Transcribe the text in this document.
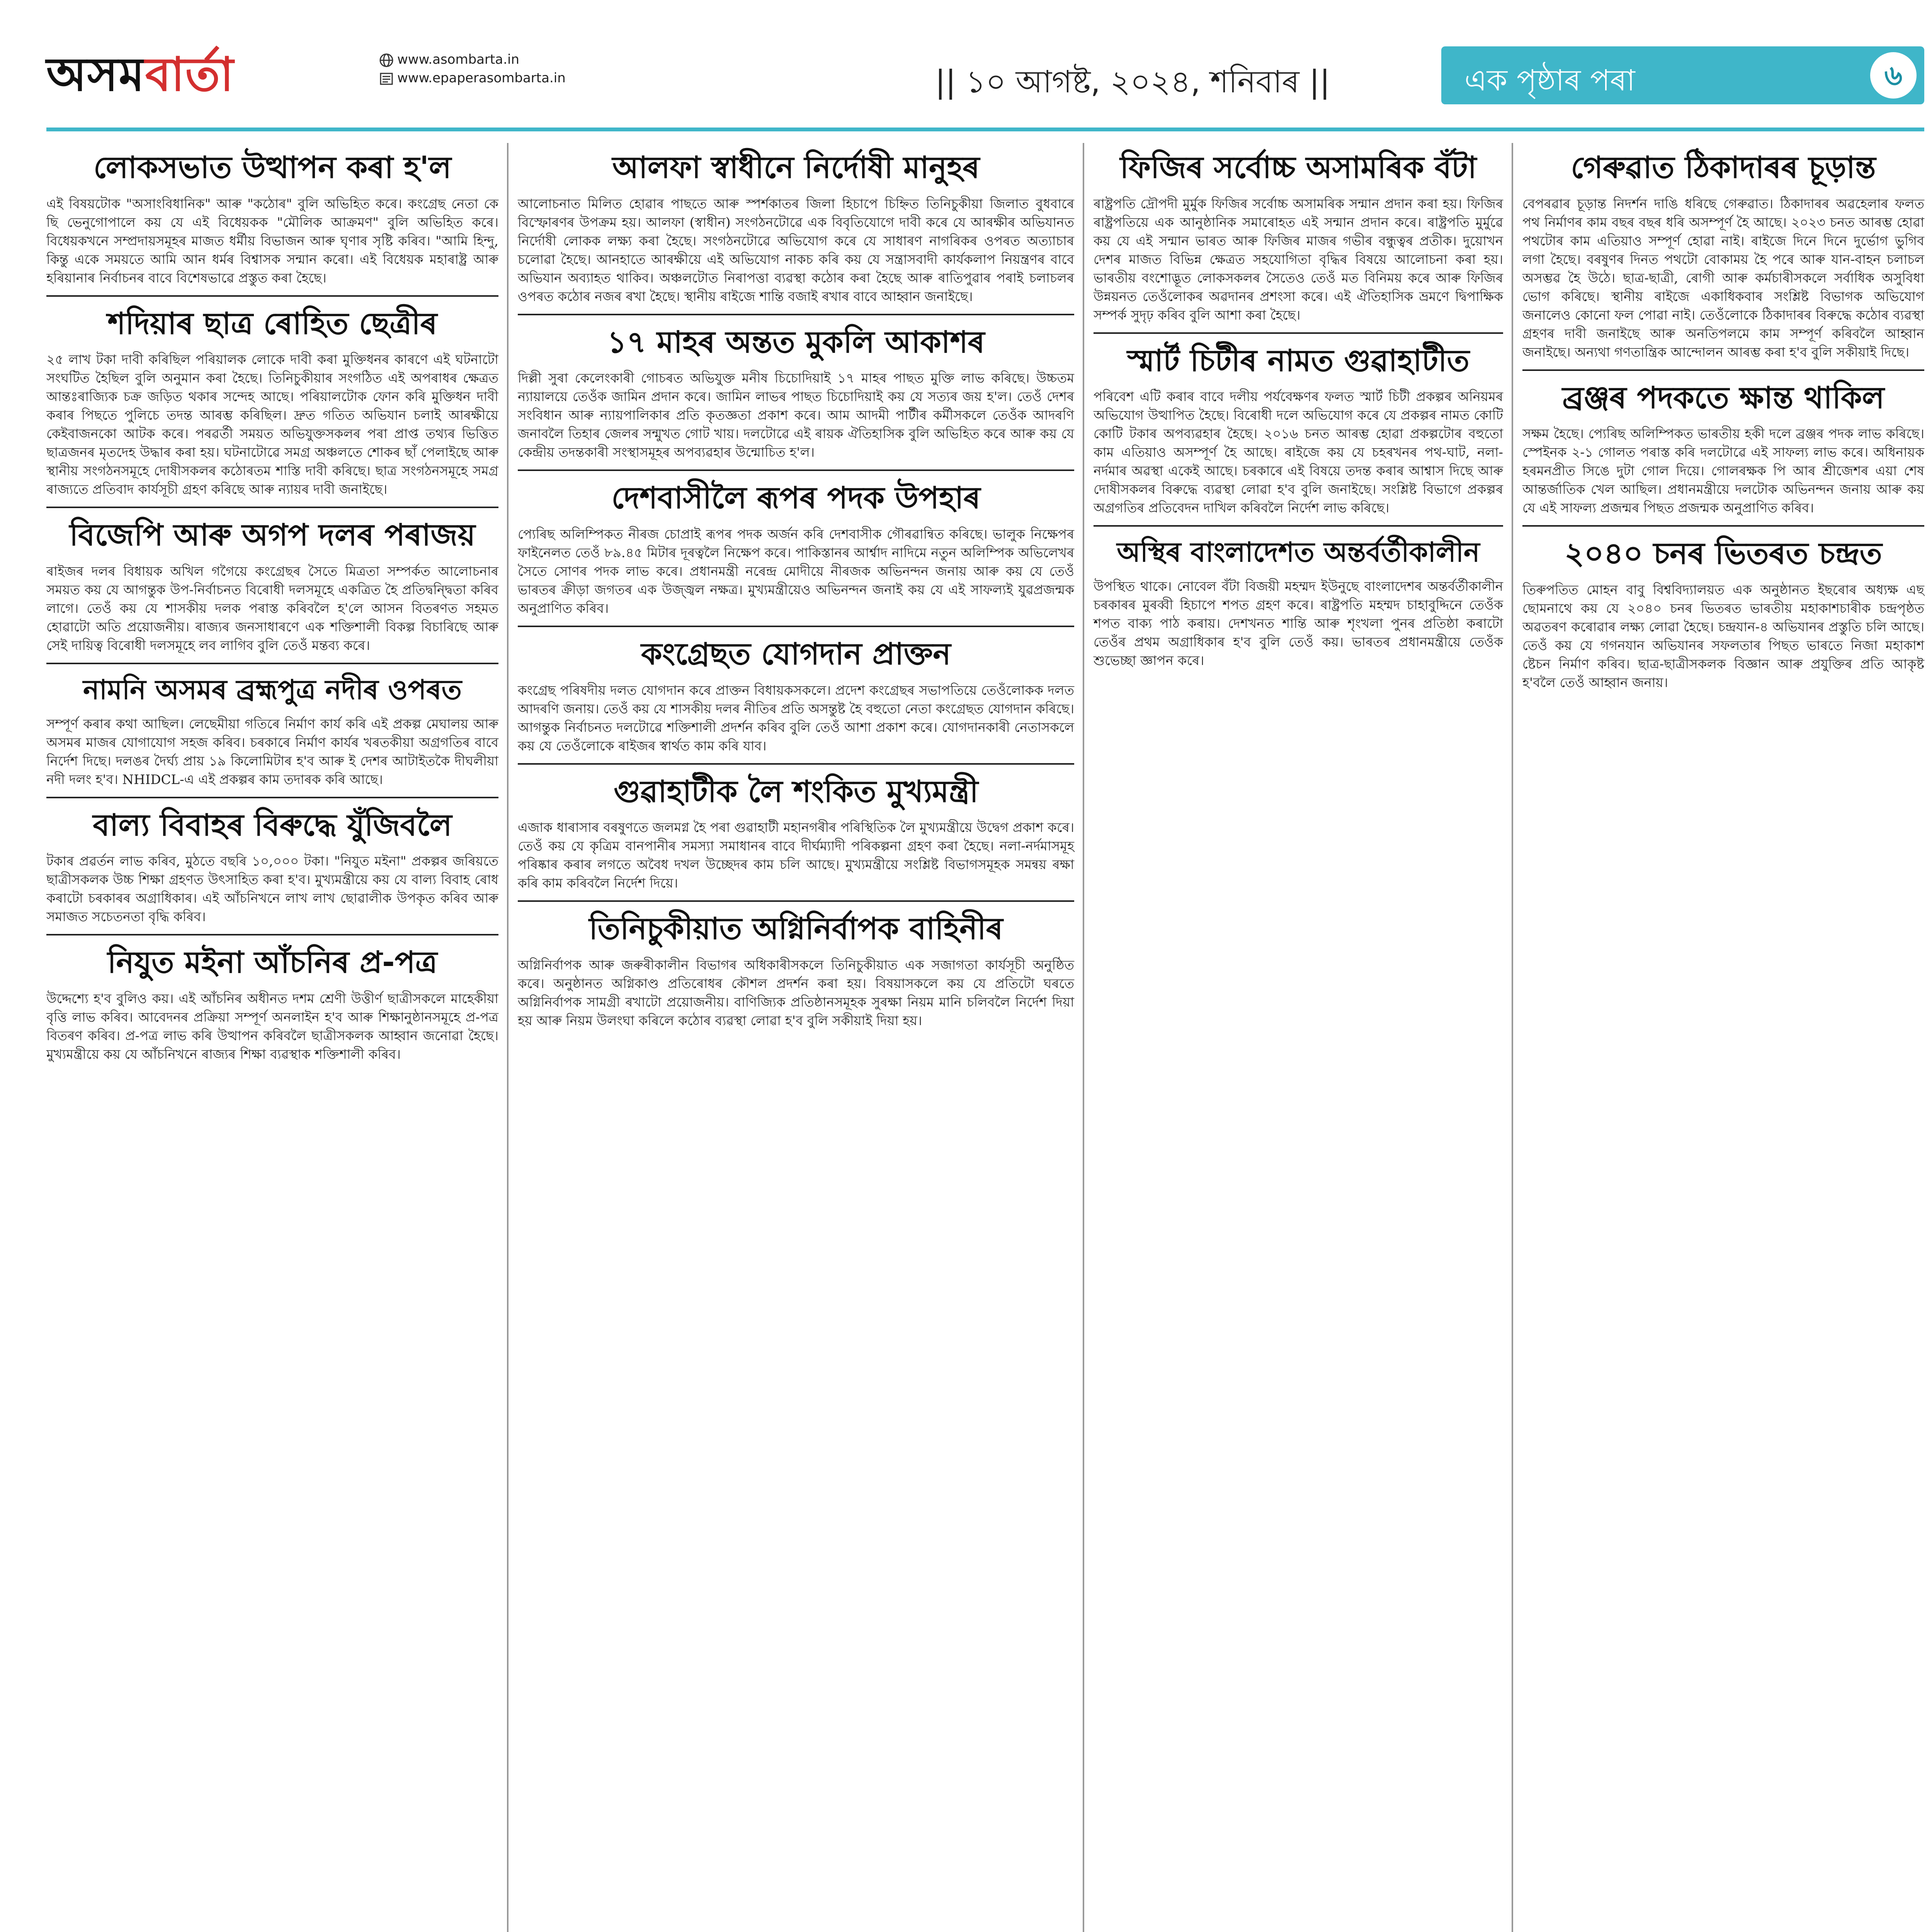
অসমবার্তা	www.asombarta.in
www.epaperasombarta.in	|| ১০ আগষ্ট, ২০২৪, শনিবাৰ ||	এক পৃষ্ঠাৰ পৰা	৬
লোকসভাত উত্থাপন কৰা হ'ল
এই বিষয়টোক "অসাংবিধানিক" আৰু "কঠোৰ" বুলি অভিহিত কৰে। কংগ্ৰেছ নেতা কে ছি ভেনুগোপালে কয় যে এই বিধেয়কক "মৌলিক আক্ৰমণ" বুলি অভিহিত কৰে। বিধেয়কখনে সম্প্ৰদায়সমূহৰ মাজত ধৰ্মীয় বিভাজন আৰু ঘৃণাৰ সৃষ্টি কৰিব। "আমি হিন্দু, কিন্তু একে সময়তে আমি আন ধৰ্মৰ বিশ্বাসক সন্মান কৰো। এই বিধেয়ক মহাৰাষ্ট্ৰ আৰু হৰিয়ানাৰ নিৰ্বাচনৰ বাবে বিশেষভাৱে প্ৰস্তুত কৰা হৈছে।
শদিয়াৰ ছাত্ৰ ৰোহিত ছেত্ৰীৰ
২৫ লাখ টকা দাবী কৰিছিল পৰিয়ালক লোকে দাবী কৰা মুক্তিধনৰ কাৰণে এই ঘটনাটো সংঘটিত হৈছিল বুলি অনুমান কৰা হৈছে। তিনিচুকীয়াৰ সংগঠিত এই অপৰাধৰ ক্ষেত্ৰত আন্তঃৰাজ্যিক চক্ৰ জড়িত থকাৰ সন্দেহ আছে। পৰিয়ালটোক ফোন কৰি মুক্তিধন দাবী কৰাৰ পিছতে পুলিচে তদন্ত আৰম্ভ কৰিছিল। দ্ৰুত গতিত অভিযান চলাই আৰক্ষীয়ে কেইবাজনকো আটক কৰে। পৰৱৰ্তী সময়ত অভিযুক্তসকলৰ পৰা প্ৰাপ্ত তথ্যৰ ভিত্তিত ছাত্ৰজনৰ মৃতদেহ উদ্ধাৰ কৰা হয়। ঘটনাটোৱে সমগ্ৰ অঞ্চলতে শোকৰ ছাঁ পেলাইছে আৰু স্থানীয় সংগঠনসমূহে দোষীসকলৰ কঠোৰতম শাস্তি দাবী কৰিছে। ছাত্ৰ সংগঠনসমূহে সমগ্ৰ ৰাজ্যতে প্ৰতিবাদ কাৰ্যসূচী গ্ৰহণ কৰিছে আৰু ন্যায়ৰ দাবী জনাইছে।
বিজেপি আৰু অগপ দলৰ পৰাজয়
ৰাইজৰ দলৰ বিধায়ক অখিল গগৈয়ে কংগ্ৰেছৰ সৈতে মিত্ৰতা সম্পৰ্কত আলোচনাৰ সময়ত কয় যে আগন্তুক উপ-নিৰ্বাচনত বিৰোধী দলসমূহে একত্ৰিত হৈ প্ৰতিদ্বন্দ্বিতা কৰিব লাগে। তেওঁ কয় যে শাসকীয় দলক পৰাস্ত কৰিবলৈ হ'লে আসন বিতৰণত সহমত হোৱাটো অতি প্ৰয়োজনীয়। ৰাজ্যৰ জনসাধাৰণে এক শক্তিশালী বিকল্প বিচাৰিছে আৰু সেই দায়িত্ব বিৰোধী দলসমূহে লব লাগিব বুলি তেওঁ মন্তব্য কৰে।
নামনি অসমৰ ব্ৰহ্মপুত্ৰ নদীৰ ওপৰত
সম্পূৰ্ণ কৰাৰ কথা আছিল। লেছেমীয়া গতিৰে নিৰ্মাণ কাৰ্য কৰি এই প্ৰকল্প মেঘালয় আৰু অসমৰ মাজৰ যোগাযোগ সহজ কৰিব। চৰকাৰে নিৰ্মাণ কাৰ্যৰ খৰতকীয়া অগ্ৰগতিৰ বাবে নিৰ্দেশ দিছে। দলঙৰ দৈৰ্ঘ্য প্ৰায় ১৯ কিলোমিটাৰ হ'ব আৰু ই দেশৰ আটাইতকৈ দীঘলীয়া নদী দলং হ'ব। NHIDCL-এ এই প্ৰকল্পৰ কাম তদাৰক কৰি আছে।
বাল্য বিবাহৰ বিৰুদ্ধে যুঁজিবলৈ
টকাৰ প্ৰৱৰ্তন লাভ কৰিব, মুঠতে বছৰি ১০,০০০ টকা। "নিযুত মইনা" প্ৰকল্পৰ জৰিয়তে ছাত্ৰীসকলক উচ্চ শিক্ষা গ্ৰহণত উৎসাহিত কৰা হ'ব। মুখ্যমন্ত্ৰীয়ে কয় যে বাল্য বিবাহ ৰোধ কৰাটো চৰকাৰৰ অগ্ৰাধিকাৰ। এই আঁচনিখনে লাখ লাখ ছোৱালীক উপকৃত কৰিব আৰু সমাজত সচেতনতা বৃদ্ধি কৰিব।
নিযুত মইনা আঁচনিৰ প্ৰ-পত্ৰ
উদ্দেশ্যে হ'ব বুলিও কয়। এই আঁচনিৰ অধীনত দশম শ্ৰেণী উত্তীৰ্ণ ছাত্ৰীসকলে মাহেকীয়া বৃত্তি লাভ কৰিব। আবেদনৰ প্ৰক্ৰিয়া সম্পূৰ্ণ অনলাইন হ'ব আৰু শিক্ষানুষ্ঠানসমূহে প্ৰ-পত্ৰ বিতৰণ কৰিব। প্ৰ-পত্ৰ লাভ কৰি উত্থাপন কৰিবলৈ ছাত্ৰীসকলক আহ্বান জনোৱা হৈছে। মুখ্যমন্ত্ৰীয়ে কয় যে আঁচনিখনে ৰাজ্যৰ শিক্ষা ব্যৱস্থাক শক্তিশালী কৰিব।
আলফা স্বাধীনে নিৰ্দোষী মানুহৰ
আলোচনাত মিলিত হোৱাৰ পাছতে আৰু স্পৰ্শকাতৰ জিলা হিচাপে চিহ্নিত তিনিচুকীয়া জিলাত বুধবাৰে বিস্ফোৰণৰ উপক্ৰম হয়। আলফা (স্বাধীন) সংগঠনটোৱে এক বিবৃতিযোগে দাবী কৰে যে আৰক্ষীৰ অভিযানত নিৰ্দোষী লোকক লক্ষ্য কৰা হৈছে। সংগঠনটোৱে অভিযোগ কৰে যে সাধাৰণ নাগৰিকৰ ওপৰত অত্যাচাৰ চলোৱা হৈছে। আনহাতে আৰক্ষীয়ে এই অভিযোগ নাকচ কৰি কয় যে সন্ত্ৰাসবাদী কাৰ্যকলাপ নিয়ন্ত্ৰণৰ বাবে অভিযান অব্যাহত থাকিব। অঞ্চলটোত নিৰাপত্তা ব্যৱস্থা কঠোৰ কৰা হৈছে আৰু ৰাতিপুৱাৰ পৰাই চলাচলৰ ওপৰত কঠোৰ নজৰ ৰখা হৈছে। স্থানীয় ৰাইজে শান্তি বজাই ৰখাৰ বাবে আহ্বান জনাইছে।
১৭ মাহৰ অন্তত মুকলি আকাশৰ
দিল্লী সুৰা কেলেংকাৰী গোচৰত অভিযুক্ত মনীষ চিচোদিয়াই ১৭ মাহৰ পাছত মুক্তি লাভ কৰিছে। উচ্চতম ন্যায়ালয়ে তেওঁক জামিন প্ৰদান কৰে। জামিন লাভৰ পাছত চিচোদিয়াই কয় যে সত্যৰ জয় হ'ল। তেওঁ দেশৰ সংবিধান আৰু ন্যায়পালিকাৰ প্ৰতি কৃতজ্ঞতা প্ৰকাশ কৰে। আম আদমী পাৰ্টীৰ কৰ্মীসকলে তেওঁক আদৰণি জনাবলৈ তিহাৰ জেলৰ সন্মুখত গোট খায়। দলটোৱে এই ৰায়ক ঐতিহাসিক বুলি অভিহিত কৰে আৰু কয় যে কেন্দ্ৰীয় তদন্তকাৰী সংস্থাসমূহৰ অপব্যৱহাৰ উন্মোচিত হ'ল।
দেশবাসীলৈ ৰূপৰ পদক উপহাৰ
প্যেৰিছ অলিম্পিকত নীৰজ চোপ্ৰাই ৰূপৰ পদক অৰ্জন কৰি দেশবাসীক গৌৰৱান্বিত কৰিছে। ভালুক নিক্ষেপৰ ফাইনেলত তেওঁ ৮৯.৪৫ মিটাৰ দূৰত্বলৈ নিক্ষেপ কৰে। পাকিস্তানৰ আৰ্শ্বাদ নাদিমে নতুন অলিম্পিক অভিলেখৰ সৈতে সোণৰ পদক লাভ কৰে। প্ৰধানমন্ত্ৰী নৰেন্দ্ৰ মোদীয়ে নীৰজক অভিনন্দন জনায় আৰু কয় যে তেওঁ ভাৰতৰ ক্ৰীড়া জগতৰ এক উজ্জ্বল নক্ষত্ৰ। মুখ্যমন্ত্ৰীয়েও অভিনন্দন জনাই কয় যে এই সাফল্যই যুৱপ্ৰজন্মক অনুপ্ৰাণিত কৰিব।
কংগ্ৰেছত যোগদান প্ৰাক্তন
কংগ্ৰেছ পৰিষদীয় দলত যোগদান কৰে প্ৰাক্তন বিধায়কসকলে। প্ৰদেশ কংগ্ৰেছৰ সভাপতিয়ে তেওঁলোকক দলত আদৰণি জনায়। তেওঁ কয় যে শাসকীয় দলৰ নীতিৰ প্ৰতি অসন্তুষ্ট হৈ বহুতো নেতা কংগ্ৰেছত যোগদান কৰিছে। আগন্তুক নিৰ্বাচনত দলটোৱে শক্তিশালী প্ৰদৰ্শন কৰিব বুলি তেওঁ আশা প্ৰকাশ কৰে। যোগদানকাৰী নেতাসকলে কয় যে তেওঁলোকে ৰাইজৰ স্বাৰ্থত কাম কৰি যাব।
গুৱাহাটীক লৈ শংকিত মুখ্যমন্ত্ৰী
এজাক ধাৰাসাৰ বৰষুণতে জলমগ্ন হৈ পৰা গুৱাহাটী মহানগৰীৰ পৰিস্থিতিক লৈ মুখ্যমন্ত্ৰীয়ে উদ্বেগ প্ৰকাশ কৰে। তেওঁ কয় যে কৃত্ৰিম বানপানীৰ সমস্যা সমাধানৰ বাবে দীৰ্ঘম্যাদী পৰিকল্পনা গ্ৰহণ কৰা হৈছে। নলা-নৰ্দমাসমূহ পৰিষ্কাৰ কৰাৰ লগতে অবৈধ দখল উচ্ছেদৰ কাম চলি আছে। মুখ্যমন্ত্ৰীয়ে সংশ্লিষ্ট বিভাগসমূহক সমন্বয় ৰক্ষা কৰি কাম কৰিবলৈ নিৰ্দেশ দিয়ে।
তিনিচুকীয়াত অগ্নিনিৰ্বাপক বাহিনীৰ
অগ্নিনিৰ্বাপক আৰু জৰুৰীকালীন বিভাগৰ অধিকাৰীসকলে তিনিচুকীয়াত এক সজাগতা কাৰ্যসূচী অনুষ্ঠিত কৰে। অনুষ্ঠানত অগ্নিকাণ্ড প্ৰতিৰোধৰ কৌশল প্ৰদৰ্শন কৰা হয়। বিষয়াসকলে কয় যে প্ৰতিটো ঘৰতে অগ্নিনিৰ্বাপক সামগ্ৰী ৰখাটো প্ৰয়োজনীয়। বাণিজ্যিক প্ৰতিষ্ঠানসমূহক সুৰক্ষা নিয়ম মানি চলিবলৈ নিৰ্দেশ দিয়া হয় আৰু নিয়ম উলংঘা কৰিলে কঠোৰ ব্যৱস্থা লোৱা হ'ব বুলি সকীয়াই দিয়া হয়।
ফিজিৰ সৰ্বোচ্চ অসামৰিক বঁটা
ৰাষ্ট্ৰপতি দ্ৰৌপদী মুৰ্মুক ফিজিৰ সৰ্বোচ্চ অসামৰিক সন্মান প্ৰদান কৰা হয়। ফিজিৰ ৰাষ্ট্ৰপতিয়ে এক আনুষ্ঠানিক সমাৰোহত এই সন্মান প্ৰদান কৰে। ৰাষ্ট্ৰপতি মুৰ্মুৱে কয় যে এই সন্মান ভাৰত আৰু ফিজিৰ মাজৰ গভীৰ বন্ধুত্বৰ প্ৰতীক। দুয়োখন দেশৰ মাজত বিভিন্ন ক্ষেত্ৰত সহযোগিতা বৃদ্ধিৰ বিষয়ে আলোচনা কৰা হয়। ভাৰতীয় বংশোদ্ভূত লোকসকলৰ সৈতেও তেওঁ মত বিনিময় কৰে আৰু ফিজিৰ উন্নয়নত তেওঁলোকৰ অৱদানৰ প্ৰশংসা কৰে। এই ঐতিহাসিক ভ্ৰমণে দ্বিপাক্ষিক সম্পৰ্ক সুদৃঢ় কৰিব বুলি আশা কৰা হৈছে।
স্মাৰ্ট চিটীৰ নামত গুৱাহাটীত
পৰিবেশ এটি কৰাৰ বাবে দলীয় পৰ্যবেক্ষণৰ ফলত স্মাৰ্ট চিটী প্ৰকল্পৰ অনিয়মৰ অভিযোগ উত্থাপিত হৈছে। বিৰোধী দলে অভিযোগ কৰে যে প্ৰকল্পৰ নামত কোটি কোটি টকাৰ অপব্যৱহাৰ হৈছে। ২০১৬ চনত আৰম্ভ হোৱা প্ৰকল্পটোৰ বহুতো কাম এতিয়াও অসম্পূৰ্ণ হৈ আছে। ৰাইজে কয় যে চহৰখনৰ পথ-ঘাট, নলা-নৰ্দমাৰ অৱস্থা একেই আছে। চৰকাৰে এই বিষয়ে তদন্ত কৰাৰ আশ্বাস দিছে আৰু দোষীসকলৰ বিৰুদ্ধে ব্যৱস্থা লোৱা হ'ব বুলি জনাইছে। সংশ্লিষ্ট বিভাগে প্ৰকল্পৰ অগ্ৰগতিৰ প্ৰতিবেদন দাখিল কৰিবলৈ নিৰ্দেশ লাভ কৰিছে।
অস্থিৰ বাংলাদেশত অন্তৰ্বৰ্তীকালীন
উপস্থিত থাকে। নোবেল বঁটা বিজয়ী মহম্মদ ইউনুছে বাংলাদেশৰ অন্তৰ্বৰ্তীকালীন চৰকাৰৰ মুৰব্বী হিচাপে শপত গ্ৰহণ কৰে। ৰাষ্ট্ৰপতি মহম্মদ চাহাবুদ্দিনে তেওঁক শপত বাক্য পাঠ কৰায়। দেশখনত শান্তি আৰু শৃংখলা পুনৰ প্ৰতিষ্ঠা কৰাটো তেওঁৰ প্ৰথম অগ্ৰাধিকাৰ হ'ব বুলি তেওঁ কয়। ভাৰতৰ প্ৰধানমন্ত্ৰীয়ে তেওঁক শুভেচ্ছা জ্ঞাপন কৰে।
গেৰুৱাত ঠিকাদাৰৰ চূড়ান্ত
বেপৰৱাৰ চূড়ান্ত নিদৰ্শন দাঙি ধৰিছে গেৰুৱাত। ঠিকাদাৰৰ অৱহেলাৰ ফলত পথ নিৰ্মাণৰ কাম বছৰ বছৰ ধৰি অসম্পূৰ্ণ হৈ আছে। ২০২৩ চনত আৰম্ভ হোৱা পথটোৰ কাম এতিয়াও সম্পূৰ্ণ হোৱা নাই। ৰাইজে দিনে দিনে দুৰ্ভোগ ভুগিব লগা হৈছে। বৰষুণৰ দিনত পথটো বোকাময় হৈ পৰে আৰু যান-বাহন চলাচল অসম্ভৱ হৈ উঠে। ছাত্ৰ-ছাত্ৰী, ৰোগী আৰু কৰ্মচাৰীসকলে সৰ্বাধিক অসুবিধা ভোগ কৰিছে। স্থানীয় ৰাইজে একাধিকবাৰ সংশ্লিষ্ট বিভাগক অভিযোগ জনালেও কোনো ফল পোৱা নাই। তেওঁলোকে ঠিকাদাৰৰ বিৰুদ্ধে কঠোৰ ব্যৱস্থা গ্ৰহণৰ দাবী জনাইছে আৰু অনতিপলমে কাম সম্পূৰ্ণ কৰিবলৈ আহ্বান জনাইছে। অন্যথা গণতান্ত্ৰিক আন্দোলন আৰম্ভ কৰা হ'ব বুলি সকীয়াই দিছে।
ব্ৰঞ্জৰ পদকতে ক্ষান্ত থাকিল
সক্ষম হৈছে। প্যেৰিছ অলিম্পিকত ভাৰতীয় হকী দলে ব্ৰঞ্জৰ পদক লাভ কৰিছে। স্পেইনক ২-১ গোলত পৰাস্ত কৰি দলটোৱে এই সাফল্য লাভ কৰে। অধিনায়ক হৰমনপ্ৰীত সিঙে দুটা গোল দিয়ে। গোলৰক্ষক পি আৰ শ্ৰীজেশৰ এয়া শেষ আন্তৰ্জাতিক খেল আছিল। প্ৰধানমন্ত্ৰীয়ে দলটোক অভিনন্দন জনায় আৰু কয় যে এই সাফল্য প্ৰজন্মৰ পিছত প্ৰজন্মক অনুপ্ৰাণিত কৰিব।
২০৪০ চনৰ ভিতৰত চন্দ্ৰত
তিৰুপতিত মোহন বাবু বিশ্ববিদ্যালয়ত এক অনুষ্ঠানত ইছৰোৰ অধ্যক্ষ এছ ছোমনাথে কয় যে ২০৪০ চনৰ ভিতৰত ভাৰতীয় মহাকাশচাৰীক চন্দ্ৰপৃষ্ঠত অৱতৰণ কৰোৱাৰ লক্ষ্য লোৱা হৈছে। চন্দ্ৰযান-৪ অভিযানৰ প্ৰস্তুতি চলি আছে। তেওঁ কয় যে গগনযান অভিযানৰ সফলতাৰ পিছত ভাৰতে নিজা মহাকাশ ষ্টেচন নিৰ্মাণ কৰিব। ছাত্ৰ-ছাত্ৰীসকলক বিজ্ঞান আৰু প্ৰযুক্তিৰ প্ৰতি আকৃষ্ট হ'বলৈ তেওঁ আহ্বান জনায়।
